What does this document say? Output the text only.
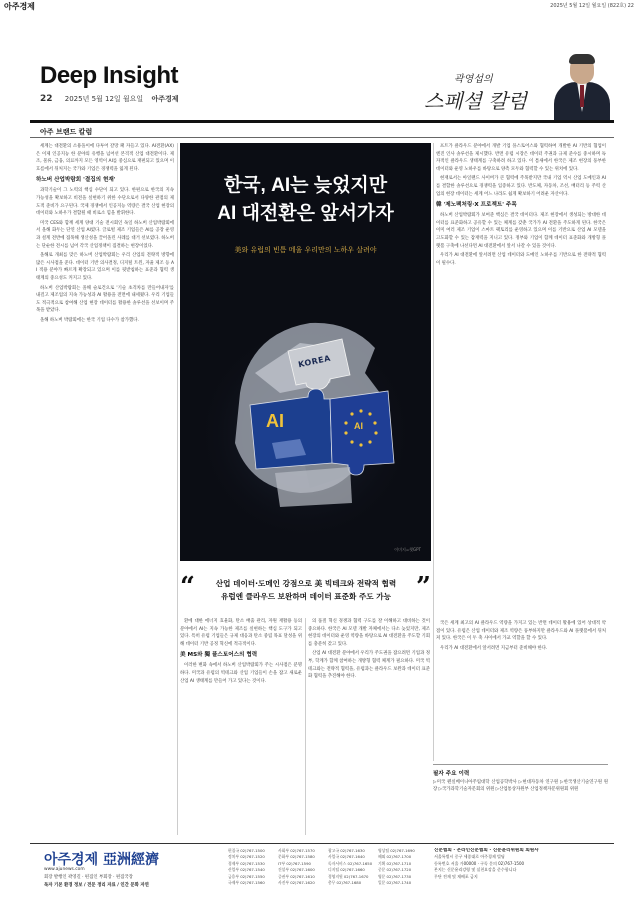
아주경제	2025년 5월 12일 월요일 (822호) 22
Deep Insight
22 2025년 5월 12일 월요일 아주경제
곽영섭의
스페셜 칼럼
아주 브랜드 칼럼

세계는 대전환의 소용돌이에 다투어 갈망 패 자들고 있다. AI전환(AX)은 이제 인공지능 한 분야의 유행을 넘어선 본격적 산업 대전환이다. 제조, 물류, 금융, 의료까지 모든 영역이 AI를 중심으로 재편되고 있으며 이 흐름에서 뒤처지는 국가와 기업은 경쟁력을 잃게 된다.

하노버 산업박람회 '결집의 현재'

과학기술이 그 노력의 핵심 수단이 되고 있다. 한편으로 한국의 지속 가능성을 확보하고 비전을 실현하기 위한 수단으로서 다양한 관점의 제도적 준비가 요구된다. 국제 경쟁에서 인공지능 역량은 결국 산업 현장의 데이터와 노하우가 결합될 때 비로소 힘을 발휘한다.

미국 CES와 함께 세계 양대 기술 전시회인 독일 하노버 산업박람회에서 올해 화두는 단연 산업 AI였다. 글로벌 제조 기업들은 AI를 공장 운영과 설계 전반에 접목해 생산성을 끌어올린 사례를 대거 선보였다. 하노버는 단순한 전시를 넘어 각국 산업정책이 집결하는 현장이었다.

올해로 개최를 맞은 하노버 산업박람회는 우리 산업의 전략적 방향에 많은 시사점을 준다. 데이터 기반 의사결정, 디지털 트윈, 자율 제조 등 AI 적용 분야가 빠르게 확장되고 있으며 이를 뒷받침하는 표준과 협력 생태계의 중요성도 커지고 있다.

하노버 산업박람회는 올해 슬로건으로 '기술 초격차를 만들어내자'를 내걸고 제조업의 지속 가능성과 AI 활용을 전면에 내세웠다. 우리 기업들도 적극적으로 참여해 산업 현장 데이터를 활용한 솔루션을 선보이며 주목을 받았다.

올해 하노버 박람회에는 한국 기업 다수가 참가했다.

한국, AI는 늦었지만
AI 대전환은 앞서가자
美와 유럽의 빈틈 메울 우리만의 노하우 살려야
KOREA
AI	AI
이미지=챗GPT

프트가 클라우드 분야에서 개발 기업 플스토어스와 협력하여 개발한 AI 기반의 협업이 엔진 인사 솔루션을 제시했다. 반면 유럽 시장은 데이터 주권과 규제 준수를 중시하며 독자적인 클라우드 생태계를 구축하려 하고 있다. 이 틈새에서 한국은 제조 현장의 풍부한 데이터와 운영 노하우를 바탕으로 양측 모두와 협력할 수 있는 위치에 있다.

현재로서는 아일랜드 사이버가 큰 협력에 주목받지만 국내 기업 역시 산업 도메인과 AI를 결합한 솔루션으로 경쟁력을 입증하고 있다. 반도체, 자동차, 조선, 배터리 등 주력 산업의 현장 데이터는 세계 어느 나라도 쉽게 확보하기 어려운 자산이다.

韓 '제노팩처링·X 프로젝트' 주목

하노버 산업박람회가 보여준 핵심은 결국 데이터다. 제조 현장에서 생성되는 방대한 데이터를 표준화하고 공유할 수 있는 체계를 갖춘 국가가 AI 전환을 주도하게 된다. 한국은 이미 여러 제조 기업이 스마트 팩토리를 운영하고 있으며 이를 기반으로 산업 AI 모델을 고도화할 수 있는 잠재력을 지니고 있다. 정부와 기업이 함께 데이터 표준화와 개방형 플랫폼 구축에 나선다면 AI 대전환에서 앞서 나갈 수 있을 것이다.

우리가 AI 대전환에 앞서려면 산업 데이터와 도메인 노하우를 기반으로 한 전략적 협력이 필수다.

“	산업 데이터·도메인 강점으로 美 빅테크와 전략적 협력
유럽엔 클라우드 보완하며 데이터 표준화 주도 가능 ”

환에 대한 에너지 효율화, 탄소 배출 관리, 자원 재활용 등의 분야에서 AI는 지속 가능한 제조를 실현하는 핵심 도구가 되고 있다. 특히 유럽 기업들은 규제 대응과 탄소 중립 목표 달성을 위해 데이터 기반 공정 혁신에 적극적이다.

美 MS와 獨 플스토어스의 협력

이러한 변화 속에서 하노버 산업박람회가 주는 시사점은 분명하다. 미국과 유럽의 빅테크와 산업 기업들이 손을 잡고 새로운 산업 AI 생태계를 만들어 가고 있다는 것이다.

의 품질 혁신 경쟁과 협력 구도를 잘 이해하고 대비하는 것이 중요하다. 한국은 AI 모델 개발 자체에서는 다소 늦었지만, 제조 현장의 데이터와 운영 역량을 바탕으로 AI 대전환을 주도할 기회를 충분히 갖고 있다.

산업 AI 대전환 분야에서 우리가 주도권을 잡으려면 기업과 정부, 학계가 함께 참여하는 개방형 협력 체계가 필요하다. 미국 빅테크와는 전략적 협력을, 유럽과는 클라우드 보완과 데이터 표준화 협력을 추진해야 한다.

국은 세계 최고의 AI 클라우드 역량을 가지고 있는 반면 데이터 활용에 있어 상대적 약점이 있다. 유럽은 산업 데이터와 제조 역량은 풍부하지만 클라우드와 AI 플랫폼에서 뒤처져 있다. 한국은 이 두 축 사이에서 가교 역할을 할 수 있다.

우리가 AI 대전환에서 앞서려면 지금부터 준비해야 한다.

필자 주요 이력
▷미국 펜실베이니아주립대학 산업공학박사 ▷현대자동차 연구원 ▷한국생산기술연구원 원장 ▷국가과학기술자문회의 위원 ▷산업통상자원부 산업정책자문위원회 위원
아주경제 亞洲經濟
www.ajunews.com
회장 발행인 곽영길 · 편집인 부회장 · 편집국장
독자 기본 환경 정보 / 전문 정리 자료 / 인간 문화 자연
편집국 02)767-1500
정치부 02)767-1520
경제부 02)767-1530
산업부 02)767-1540
금융부 02)767-1550
국제부 02)767-1560
사회부 02)767-1570
문화부 02)767-1580
IT부 02)767-1590
건설부 02)767-1600
증권부 02)767-1610
사진부 02)767-1620
광고국 02)767-1630
사업국 02)767-1640
독자서비스 02)767-1650
디지털 02)767-1660
경영지원 02)767-1670
총무 02)767-1680
영상팀 02)767-1690
해외 02)767-1700
기획 02)767-1710
중문 02)767-1720
영문 02)767-1730
일문 02)767-1740
신문협회 · 온라인신문협회 · 신문윤리위원회 회원사
서울특별시 중구 세종대로 아주경제 빌딩
등록번호 서울 가00000 · 구독 문의 02)767-1500
본지는 신문윤리강령 및 실천요강을 준수합니다
무단 전재 및 재배포 금지
